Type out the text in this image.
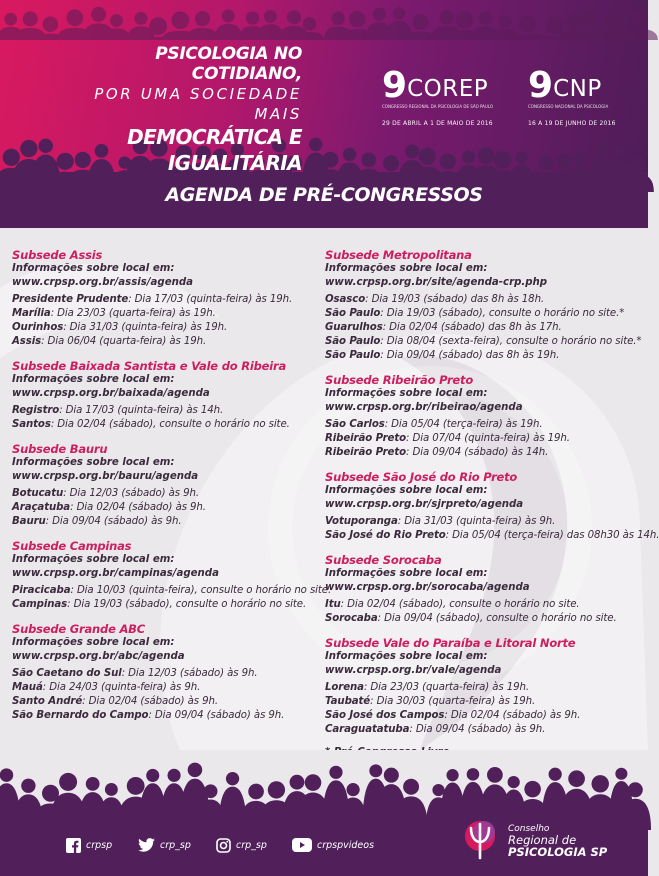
PSICOLOGIA NO COTIDIANO,
POR UMA SOCIEDADE MAIS
DEMOCRÁTICA E IGUALITÁRIA
9 COREP
CONGRESSO REGIONAL DA PSICOLOGIA DE SÃO PAULO
29 DE ABRIL A 1 DE MAIO DE 2016
9 CNP
CONGRESSO NACIONAL DA PSICOLOGIA
16 A 19 DE JUNHO DE 2016
AGENDA DE PRÉ-CONGRESSOS
Subsede Assis
Informações sobre local em:
www.crpsp.org.br/assis/agenda
Presidente Prudente: Dia 17/03 (quinta-feira) às 19h.
Marília: Dia 23/03 (quarta-feira) às 19h.
Ourinhos: Dia 31/03 (quinta-feira) às 19h.
Assis: Dia 06/04 (quarta-feira) às 19h.
Subsede Baixada Santista e Vale do Ribeira
Informações sobre local em:
www.crpsp.org.br/baixada/agenda
Registro: Dia 17/03 (quinta-feira) às 14h.
Santos: Dia 02/04 (sábado), consulte o horário no site.
Subsede Bauru
Informações sobre local em:
www.crpsp.org.br/bauru/agenda
Botucatu: Dia 12/03 (sábado) às 9h.
Araçatuba: Dia 02/04 (sábado) às 9h.
Bauru: Dia 09/04 (sábado) às 9h.
Subsede Campinas
Informações sobre local em:
www.crpsp.org.br/campinas/agenda
Piracicaba: Dia 10/03 (quinta-feira), consulte o horário no site.
Campinas: Dia 19/03 (sábado), consulte o horário no site.
Subsede Grande ABC
Informações sobre local em:
www.crpsp.org.br/abc/agenda
São Caetano do Sul: Dia 12/03 (sábado) às 9h.
Mauá: Dia 24/03 (quinta-feira) às 9h.
Santo André: Dia 02/04 (sábado) às 9h.
São Bernardo do Campo: Dia 09/04 (sábado) às 9h.
Subsede Metropolitana
Informações sobre local em:
www.crpsp.org.br/site/agenda-crp.php
Osasco: Dia 19/03 (sábado) das 8h às 18h.
São Paulo: Dia 19/03 (sábado), consulte o horário no site.*
Guarulhos: Dia 02/04 (sábado) das 8h às 17h.
São Paulo: Dia 08/04 (sexta-feira), consulte o horário no site.*
São Paulo: Dia 09/04 (sábado) das 8h às 19h.
Subsede Ribeirão Preto
Informações sobre local em:
www.crpsp.org.br/ribeirao/agenda
São Carlos: Dia 05/04 (terça-feira) às 19h.
Ribeirão Preto: Dia 07/04 (quinta-feira) às 19h.
Ribeirão Preto: Dia 09/04 (sábado) às 14h.
Subsede São José do Rio Preto
Informações sobre local em:
www.crpsp.org.br/sjrpreto/agenda
Votuporanga: Dia 31/03 (quinta-feira) às 9h.
São José do Rio Preto: Dia 05/04 (terça-feira) das 08h30 às 14h.
Subsede Sorocaba
Informações sobre local em:
www.crpsp.org.br/sorocaba/agenda
Itu: Dia 02/04 (sábado), consulte o horário no site.
Sorocaba: Dia 09/04 (sábado), consulte o horário no site.
Subsede Vale do Paraíba e Litoral Norte
Informações sobre local em:
www.crpsp.org.br/vale/agenda
Lorena: Dia 23/03 (quarta-feira) às 19h.
Taubaté: Dia 30/03 (quarta-feira) às 19h.
São José dos Campos: Dia 02/04 (sábado) às 9h.
Caraguatatuba: Dia 09/04 (sábado) às 9h.
crpsp	crp_sp	crp_sp	crpspvideos
Conselho
Regional de
PSICOLOGIA SP
